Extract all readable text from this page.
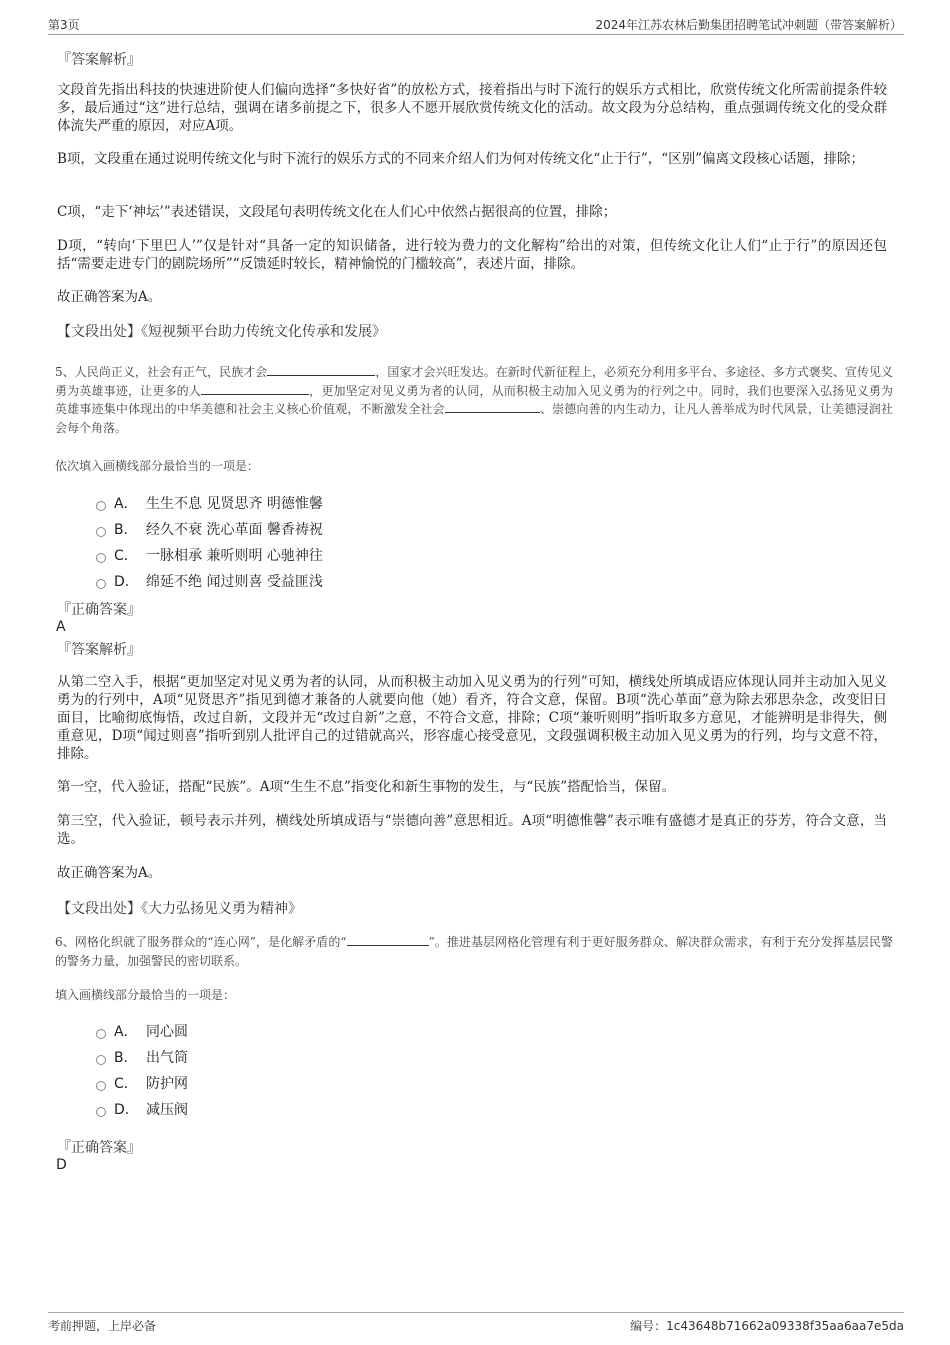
第3页	2024年江苏农林后勤集团招聘笔试冲刺题（带答案解析）
『答案解析』
文段首先指出科技的快速进阶使人们偏向选择“多快好省”的放松方式，接着指出与时下流行的娱乐方式相比，欣赏传统文化所需前提条件较多，最后通过“这”进行总结，强调在诸多前提之下，很多人不愿开展欣赏传统文化的活动。故文段为分总结构，重点强调传统文化的受众群体流失严重的原因，对应A项。
B项，文段重在通过说明传统文化与时下流行的娱乐方式的不同来介绍人们为何对传统文化“止于行”，“区别”偏离文段核心话题，排除；
C项，“走下‘神坛’”表述错误，文段尾句表明传统文化在人们心中依然占据很高的位置，排除；
D项，“转向‘下里巴人’”仅是针对“具备一定的知识储备，进行较为费力的文化解构”给出的对策，但传统文化让人们“止于行”的原因还包括“需要走进专门的剧院场所”“反馈延时较长，精神愉悦的门槛较高”，表述片面，排除。
故正确答案为A。
【文段出处】《短视频平台助力传统文化传承和发展》
5、人民尚正义，社会有正气，民族才会	，国家才会兴旺发达。在新时代新征程上，必须充分利用多平台、多途径、多方式褒奖、宣传见义勇为英雄事迹，让更多的人	，更加坚定对见义勇为者的认同，从而积极主动加入见义勇为的行列之中。同时，我们也要深入弘扬见义勇为英雄事迹集中体现出的中华美德和社会主义核心价值观，不断激发全社会	、崇德向善的内生动力，让凡人善举成为时代风景，让美德浸润社会每个角落。
依次填入画横线部分最恰当的一项是：
A． 生生不息 见贤思齐 明德惟馨
B． 经久不衰 洗心革面 馨香祷祝
C． 一脉相承 兼听则明 心驰神往
D． 绵延不绝 闻过则喜 受益匪浅
『正确答案』
A
『答案解析』
从第二空入手，根据“更加坚定对见义勇为者的认同，从而积极主动加入见义勇为的行列”可知，横线处所填成语应体现认同并主动加入见义勇为的行列中，A项“见贤思齐”指见到德才兼备的人就要向他（她）看齐，符合文意，保留。B项“洗心革面”意为除去邪思杂念，改变旧日面目，比喻彻底悔悟，改过自新，文段并无“改过自新”之意，不符合文意，排除；C项“兼听则明”指听取多方意见，才能辨明是非得失，侧重意见，D项“闻过则喜”指听到别人批评自己的过错就高兴，形容虚心接受意见，文段强调积极主动加入见义勇为的行列，均与文意不符，排除。
第一空，代入验证，搭配“民族”。A项“生生不息”指变化和新生事物的发生，与“民族”搭配恰当，保留。
第三空，代入验证，顿号表示并列，横线处所填成语与“崇德向善”意思相近。A项“明德惟馨”表示唯有盛德才是真正的芬芳，符合文意，当选。
故正确答案为A。
【文段出处】《大力弘扬见义勇为精神》
6、网格化织就了服务群众的“连心网”，是化解矛盾的“	”。推进基层网格化管理有利于更好服务群众、解决群众需求，有利于充分发挥基层民警的警务力量，加强警民的密切联系。
填入画横线部分最恰当的一项是：
A． 同心圆
B． 出气筒
C． 防护网
D． 减压阀
『正确答案』
D
考前押题，上岸必备	编号：1c43648b71662a09338f35aa6aa7e5da
